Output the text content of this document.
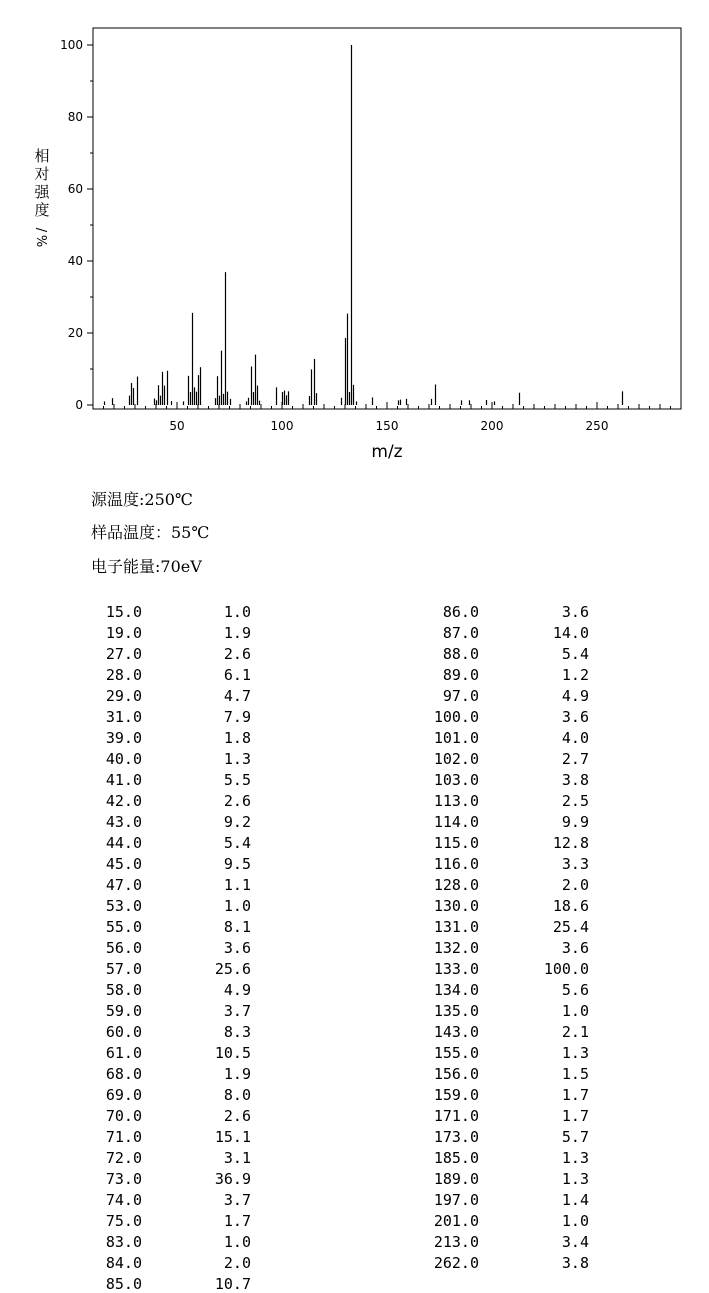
0
20
40
60
80
100
50	100	150	200	250
m/z
相
对
强
度
/
%
源温度:250℃
样品温度：55℃
电子能量:70eV
15.0	1.0
19.0	1.9
27.0	2.6
28.0	6.1
29.0	4.7
31.0	7.9
39.0	1.8
40.0	1.3
41.0	5.5
42.0	2.6
43.0	9.2
44.0	5.4
45.0	9.5
47.0	1.1
53.0	1.0
55.0	8.1
56.0	3.6
57.0	25.6
58.0	4.9
59.0	3.7
60.0	8.3
61.0	10.5
68.0	1.9
69.0	8.0
70.0	2.6
71.0	15.1
72.0	3.1
73.0	36.9
74.0	3.7
75.0	1.7
83.0	1.0
84.0	2.0
85.0	10.7
86.0	3.6
87.0	14.0
88.0	5.4
89.0	1.2
97.0	4.9
100.0	3.6
101.0	4.0
102.0	2.7
103.0	3.8
113.0	2.5
114.0	9.9
115.0	12.8
116.0	3.3
128.0	2.0
130.0	18.6
131.0	25.4
132.0	3.6
133.0	100.0
134.0	5.6
135.0	1.0
143.0	2.1
155.0	1.3
156.0	1.5
159.0	1.7
171.0	1.7
173.0	5.7
185.0	1.3
189.0	1.3
197.0	1.4
201.0	1.0
213.0	3.4
262.0	3.8
